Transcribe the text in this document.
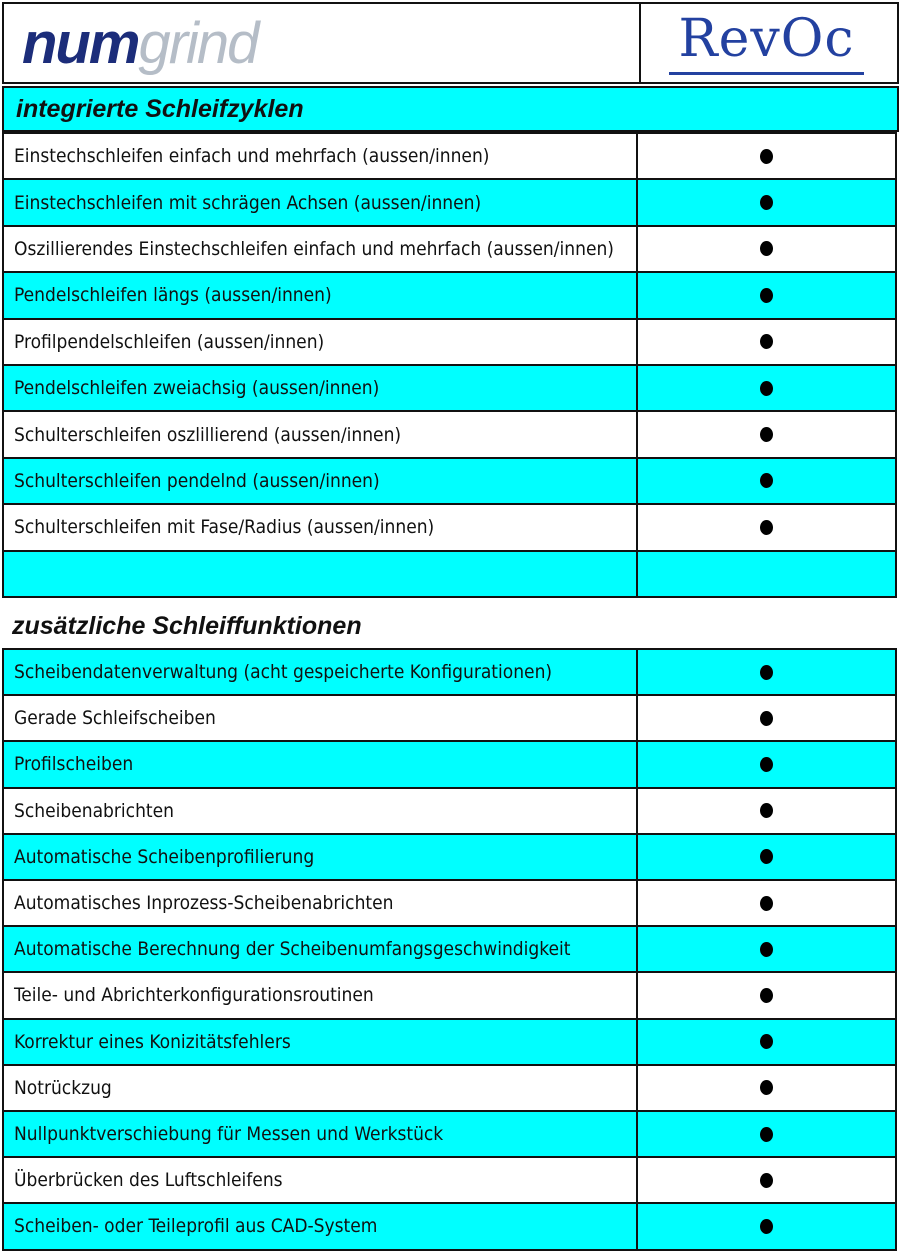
numgrind	RevOc
integrierte Schleifzyklen
Einstechschleifen einfach und mehrfach (aussen/innen)
Einstechschleifen mit schrägen Achsen (aussen/innen)
Oszillierendes Einstechschleifen einfach und mehrfach (aussen/innen)
Pendelschleifen längs (aussen/innen)
Profilpendelschleifen (aussen/innen)
Pendelschleifen zweiachsig (aussen/innen)
Schulterschleifen oszlillierend (aussen/innen)
Schulterschleifen pendelnd (aussen/innen)
Schulterschleifen mit Fase/Radius (aussen/innen)
zusätzliche Schleiffunktionen
Scheibendatenverwaltung (acht gespeicherte Konfigurationen)
Gerade Schleifscheiben
Profilscheiben
Scheibenabrichten
Automatische Scheibenprofilierung
Automatisches Inprozess-Scheibenabrichten
Automatische Berechnung der Scheibenumfangsgeschwindigkeit
Teile- und Abrichterkonfigurationsroutinen
Korrektur eines Konizitätsfehlers
Notrückzug
Nullpunktverschiebung für Messen und Werkstück
Überbrücken des Luftschleifens
Scheiben- oder Teileprofil aus CAD-System
